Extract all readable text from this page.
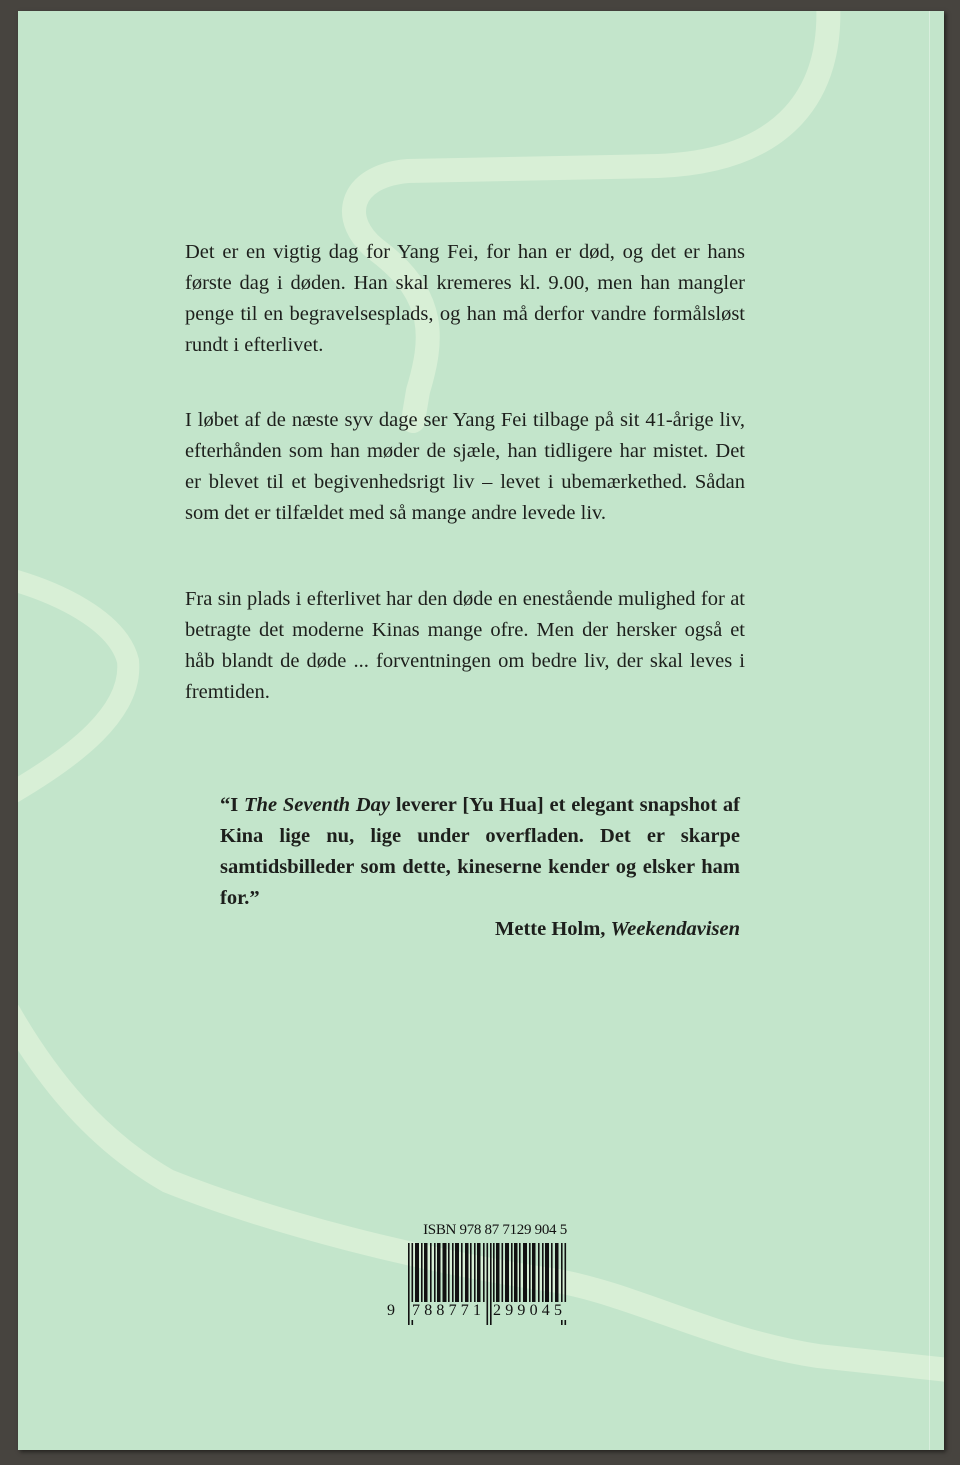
Det er en vigtig dag for Yang Fei, for han er død, og det er hans første dag i døden. Han skal kremeres kl. 9.00, men han mangler penge til en begravelsesplads, og han må derfor vandre formålsløst rundt i efterlivet.

I løbet af de næste syv dage ser Yang Fei tilbage på sit 41-årige liv, efterhånden som han møder de sjæle, han tidligere har mistet. Det er blevet til et begivenhedsrigt liv – levet i ubemærkethed. Sådan som det er tilfældet med så mange andre levede liv.

Fra sin plads i efterlivet har den døde en enestående mulighed for at betragte det moderne Kinas mange ofre. Men der hersker også et håb blandt de døde ... forventningen om bedre liv, der skal leves i fremtiden.

“I The Seventh Day leverer [Yu Hua] et elegant snapshot af Kina lige nu, lige under overfladen. Det er skarpe samtidsbilleder som dette, kineserne kender og elsker ham for.”
Mette Holm, Weekendavisen
ISBN 978 87 7129 904 5
9 788771 299045
